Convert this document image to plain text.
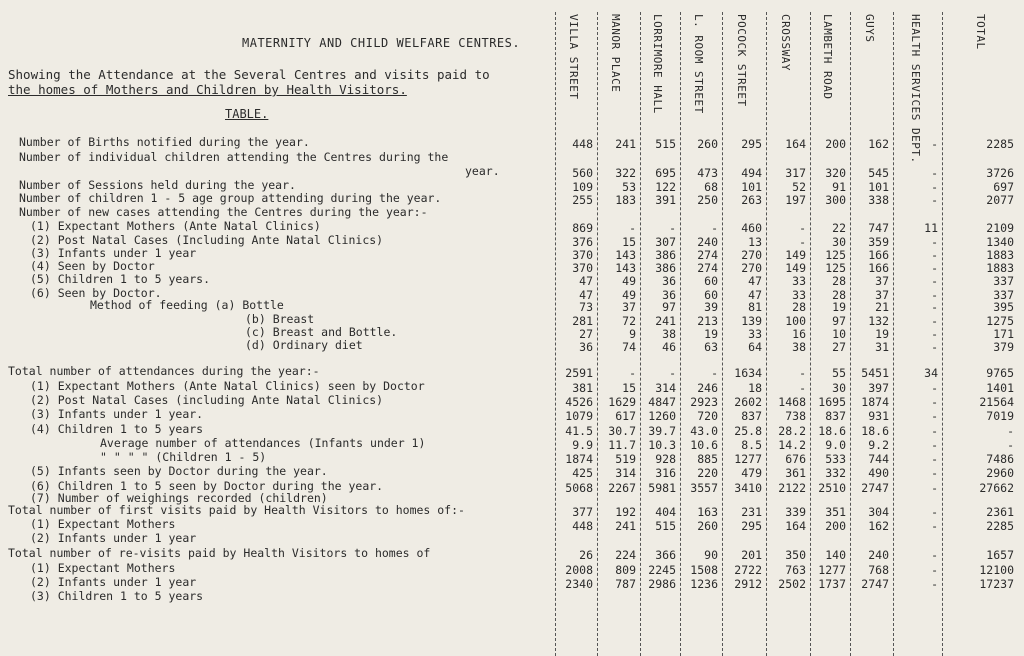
MATERNITY AND CHILD WELFARE CENTRES.
Showing the Attendance at the Several Centres and visits paid to
the homes of Mothers and Children by Health Visitors.
TABLE.
VILLA STREET	MANOR PLACE	LORRIMORE HALL	L. ROOM STREET	POCOCK STREET	CROSSWAY	LAMBETH ROAD	GUYS	HEALTH SERVICES DEPT.	TOTAL
Number of Births notified during the year.	448	241	515	260	295	164	200	162	-	2285
Number of individual children attending the Centres during the
year.	560	322	695	473	494	317	320	545	-	3726
Number of Sessions held during the year.	109	53	122	68	101	52	91	101	-	697
Number of children 1 - 5 age group attending during the year.	255	183	391	250	263	197	300	338	-	2077
Number of new cases attending the Centres during the year:-
(1) Expectant Mothers (Ante Natal Clinics)	869	-	-	-	460	-	22	747	11	2109
(2) Post Natal Cases (Including Ante Natal Clinics)	376	15	307	240	13	-	30	359	-	1340
(3) Infants under 1 year	370	143	386	274	270	149	125	166	-	1883
(4) Seen by Doctor	370	143	386	274	270	149	125	166	-	1883
(5) Children 1 to 5 years.	47	49	36	60	47	33	28	37	-	337
(6) Seen by Doctor.	47	49	36	60	47	33	28	37	-	337
Method of feeding (a) Bottle	73	37	97	39	81	28	19	21	-	395
(b) Breast	281	72	241	213	139	100	97	132	-	1275
(c) Breast and Bottle.	27	9	38	19	33	16	10	19	-	171
(d) Ordinary diet	36	74	46	63	64	38	27	31	-	379
Total number of attendances during the year:-	2591	-	-	-	1634	-	55	5451	34	9765
(1) Expectant Mothers (Ante Natal Clinics) seen by Doctor	381	15	314	246	18	-	30	397	-	1401
(2) Post Natal Cases (including Ante Natal Clinics)	4526	1629	4847	2923	2602	1468	1695	1874	-	21564
(3) Infants under 1 year.	1079	617	1260	720	837	738	837	931	-	7019
(4) Children 1 to 5 years	41.5	30.7	39.7	43.0	25.8	28.2	18.6	18.6	-	-
Average number of attendances (Infants under 1)	9.9	11.7	10.3	10.6	8.5	14.2	9.0	9.2	-	-
" " " " (Children 1 - 5)	1874	519	928	885	1277	676	533	744	-	7486
(5) Infants seen by Doctor during the year.	425	314	316	220	479	361	332	490	-	2960
(6) Children 1 to 5 seen by Doctor during the year.	5068	2267	5981	3557	3410	2122	2510	2747	-	27662
(7) Number of weighings recorded (children)
Total number of first visits paid by Health Visitors to homes of:-	377	192	404	163	231	339	351	304	-	2361
(1) Expectant Mothers	448	241	515	260	295	164	200	162	-	2285
(2) Infants under 1 year
Total number of re-visits paid by Health Visitors to homes of	26	224	366	90	201	350	140	240	-	1657
(1) Expectant Mothers	2008	809	2245	1508	2722	763	1277	768	-	12100
(2) Infants under 1 year	2340	787	2986	1236	2912	2502	1737	2747	-	17237
(3) Children 1 to 5 years
